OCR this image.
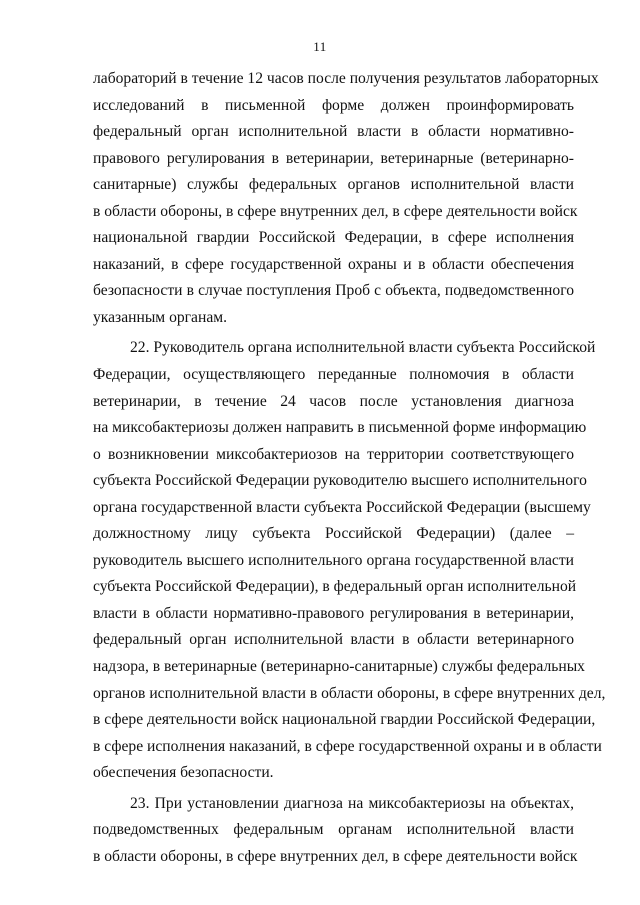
11
лабораторий в течение 12 часов после получения результатов лабораторных
исследований в письменной форме должен проинформировать
федеральный орган исполнительной власти в области нормативно-
правового регулирования в ветеринарии, ветеринарные (ветеринарно-
санитарные) службы федеральных органов исполнительной власти
в области обороны, в сфере внутренних дел, в сфере деятельности войск
национальной гвардии Российской Федерации, в сфере исполнения
наказаний, в сфере государственной охраны и в области обеспечения
безопасности в случае поступления Проб с объекта, подведомственного
указанным органам.
22. Руководитель органа исполнительной власти субъекта Российской
Федерации, осуществляющего переданные полномочия в области
ветеринарии, в течение 24 часов после установления диагноза
на миксобактериозы должен направить в письменной форме информацию
о возникновении миксобактериозов на территории соответствующего
субъекта Российской Федерации руководителю высшего исполнительного
органа государственной власти субъекта Российской Федерации (высшему
должностному лицу субъекта Российской Федерации) (далее –
руководитель высшего исполнительного органа государственной власти
субъекта Российской Федерации), в федеральный орган исполнительной
власти в области нормативно-правового регулирования в ветеринарии,
федеральный орган исполнительной власти в области ветеринарного
надзора, в ветеринарные (ветеринарно-санитарные) службы федеральных
органов исполнительной власти в области обороны, в сфере внутренних дел,
в сфере деятельности войск национальной гвардии Российской Федерации,
в сфере исполнения наказаний, в сфере государственной охраны и в области
обеспечения безопасности.
23. При установлении диагноза на миксобактериозы на объектах,
подведомственных федеральным органам исполнительной власти
в области обороны, в сфере внутренних дел, в сфере деятельности войск
